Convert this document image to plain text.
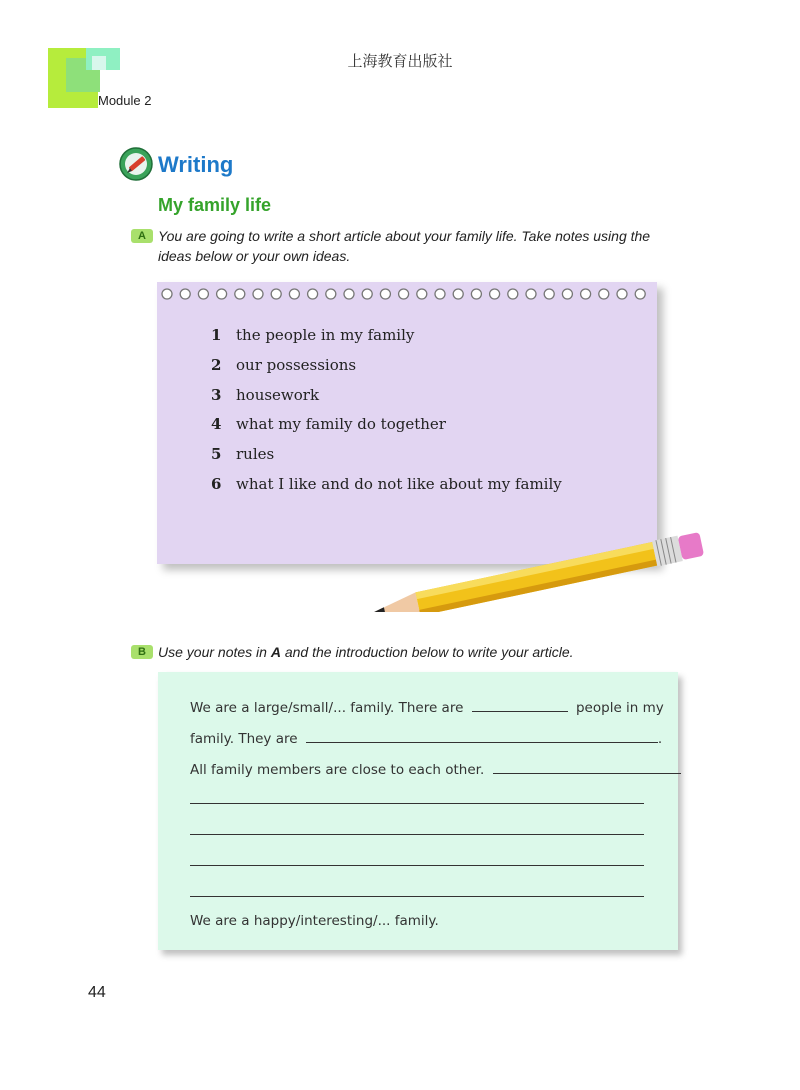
上海教育出版社
Module 2
Writing
My family life
A You are going to write a short article about your family life. Take notes using the
ideas below or your own ideas.
1 the people in my family
2 our possessions
3 housework
4 what my family do together
5 rules
6 what I like and do not like about my family
B Use your notes in A and the introduction below to write your article.
We are a large/small/... family. There are	people in my
family. They are	.
All family members are close to each other.
We are a happy/interesting/... family.
44
